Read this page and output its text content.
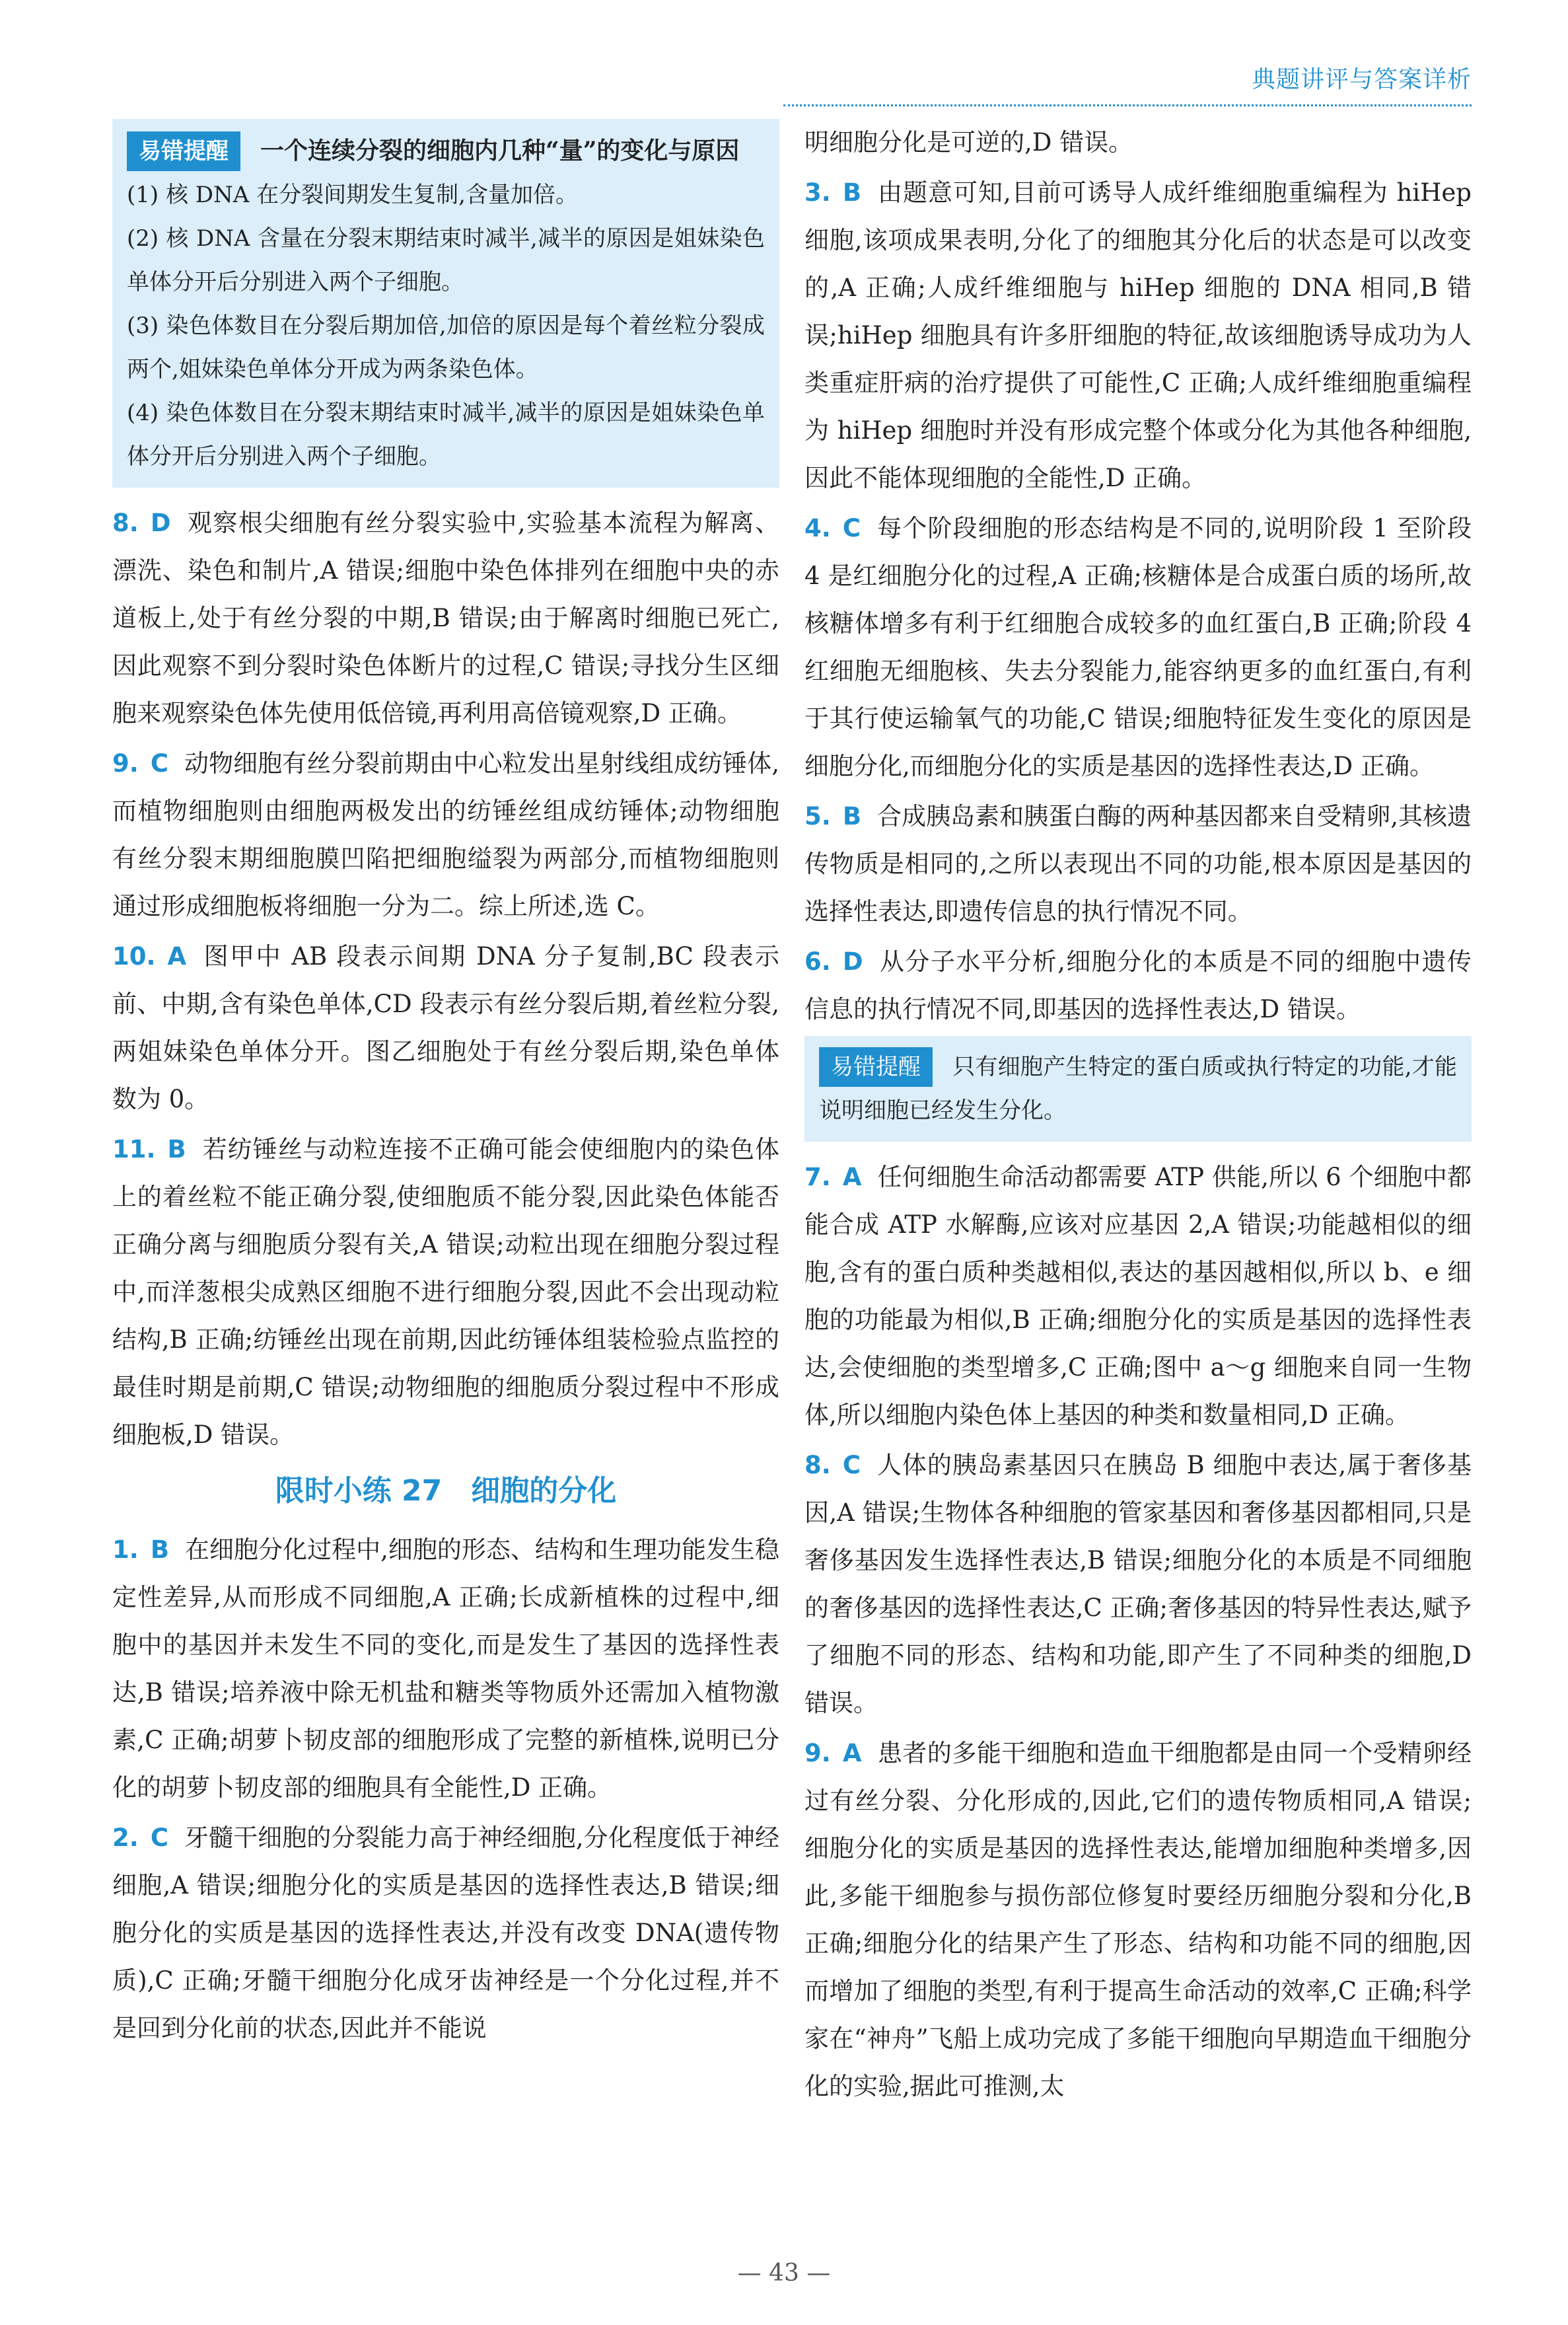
典题讲评与答案详析
易错提醒 一个连续分裂的细胞内几种“量”的变化与原因
(1) 核 DNA 在分裂间期发生复制,含量加倍。
(2) 核 DNA 含量在分裂末期结束时减半,减半的原因是姐妹染色单体分开后分别进入两个子细胞。
(3) 染色体数目在分裂后期加倍,加倍的原因是每个着丝粒分裂成两个,姐妹染色单体分开成为两条染色体。
(4) 染色体数目在分裂末期结束时减半,减半的原因是姐妹染色单体分开后分别进入两个子细胞。

8. D 观察根尖细胞有丝分裂实验中,实验基本流程为解离、漂洗、染色和制片,A 错误;细胞中染色体排列在细胞中央的赤道板上,处于有丝分裂的中期,B 错误;由于解离时细胞已死亡,因此观察不到分裂时染色体断片的过程,C 错误;寻找分生区细胞来观察染色体先使用低倍镜,再利用高倍镜观察,D 正确。

9. C 动物细胞有丝分裂前期由中心粒发出星射线组成纺锤体,而植物细胞则由细胞两极发出的纺锤丝组成纺锤体;动物细胞有丝分裂末期细胞膜凹陷把细胞缢裂为两部分,而植物细胞则通过形成细胞板将细胞一分为二。综上所述,选 C。

10. A 图甲中 AB 段表示间期 DNA 分子复制,BC 段表示前、中期,含有染色单体,CD 段表示有丝分裂后期,着丝粒分裂,两姐妹染色单体分开。图乙细胞处于有丝分裂后期,染色单体数为 0。

11. B 若纺锤丝与动粒连接不正确可能会使细胞内的染色体上的着丝粒不能正确分裂,使细胞质不能分裂,因此染色体能否正确分离与细胞质分裂有关,A 错误;动粒出现在细胞分裂过程中,而洋葱根尖成熟区细胞不进行细胞分裂,因此不会出现动粒结构,B 正确;纺锤丝出现在前期,因此纺锤体组装检验点监控的最佳时期是前期,C 错误;动物细胞的细胞质分裂过程中不形成细胞板,D 错误。

限时小练 27　细胞的分化

1. B 在细胞分化过程中,细胞的形态、结构和生理功能发生稳定性差异,从而形成不同细胞,A 正确;长成新植株的过程中,细胞中的基因并未发生不同的变化,而是发生了基因的选择性表达,B 错误;培养液中除无机盐和糖类等物质外还需加入植物激素,C 正确;胡萝卜韧皮部的细胞形成了完整的新植株,说明已分化的胡萝卜韧皮部的细胞具有全能性,D 正确。

2. C 牙髓干细胞的分裂能力高于神经细胞,分化程度低于神经细胞,A 错误;细胞分化的实质是基因的选择性表达,B 错误;细胞分化的实质是基因的选择性表达,并没有改变 DNA(遗传物质),C 正确;牙髓干细胞分化成牙齿神经是一个分化过程,并不是回到分化前的状态,因此并不能说

明细胞分化是可逆的,D 错误。

3. B 由题意可知,目前可诱导人成纤维细胞重编程为 hiHep 细胞,该项成果表明,分化了的细胞其分化后的状态是可以改变的,A 正确;人成纤维细胞与 hiHep 细胞的 DNA 相同,B 错误;hiHep 细胞具有许多肝细胞的特征,故该细胞诱导成功为人类重症肝病的治疗提供了可能性,C 正确;人成纤维细胞重编程为 hiHep 细胞时并没有形成完整个体或分化为其他各种细胞,因此不能体现细胞的全能性,D 正确。

4. C 每个阶段细胞的形态结构是不同的,说明阶段 1 至阶段 4 是红细胞分化的过程,A 正确;核糖体是合成蛋白质的场所,故核糖体增多有利于红细胞合成较多的血红蛋白,B 正确;阶段 4 红细胞无细胞核、失去分裂能力,能容纳更多的血红蛋白,有利于其行使运输氧气的功能,C 错误;细胞特征发生变化的原因是细胞分化,而细胞分化的实质是基因的选择性表达,D 正确。

5. B 合成胰岛素和胰蛋白酶的两种基因都来自受精卵,其核遗传物质是相同的,之所以表现出不同的功能,根本原因是基因的选择性表达,即遗传信息的执行情况不同。

6. D 从分子水平分析,细胞分化的本质是不同的细胞中遗传信息的执行情况不同,即基因的选择性表达,D 错误。

易错提醒 只有细胞产生特定的蛋白质或执行特定的功能,才能说明细胞已经发生分化。

7. A 任何细胞生命活动都需要 ATP 供能,所以 6 个细胞中都能合成 ATP 水解酶,应该对应基因 2,A 错误;功能越相似的细胞,含有的蛋白质种类越相似,表达的基因越相似,所以 b、e 细胞的功能最为相似,B 正确;细胞分化的实质是基因的选择性表达,会使细胞的类型增多,C 正确;图中 a～g 细胞来自同一生物体,所以细胞内染色体上基因的种类和数量相同,D 正确。

8. C 人体的胰岛素基因只在胰岛 B 细胞中表达,属于奢侈基因,A 错误;生物体各种细胞的管家基因和奢侈基因都相同,只是奢侈基因发生选择性表达,B 错误;细胞分化的本质是不同细胞的奢侈基因的选择性表达,C 正确;奢侈基因的特异性表达,赋予了细胞不同的形态、结构和功能,即产生了不同种类的细胞,D 错误。

9. A 患者的多能干细胞和造血干细胞都是由同一个受精卵经过有丝分裂、分化形成的,因此,它们的遗传物质相同,A 错误;细胞分化的实质是基因的选择性表达,能增加细胞种类增多,因此,多能干细胞参与损伤部位修复时要经历细胞分裂和分化,B 正确;细胞分化的结果产生了形态、结构和功能不同的细胞,因而增加了细胞的类型,有利于提高生命活动的效率,C 正确;科学家在“神舟”飞船上成功完成了多能干细胞向早期造血干细胞分化的实验,据此可推测,太

— 43 —
